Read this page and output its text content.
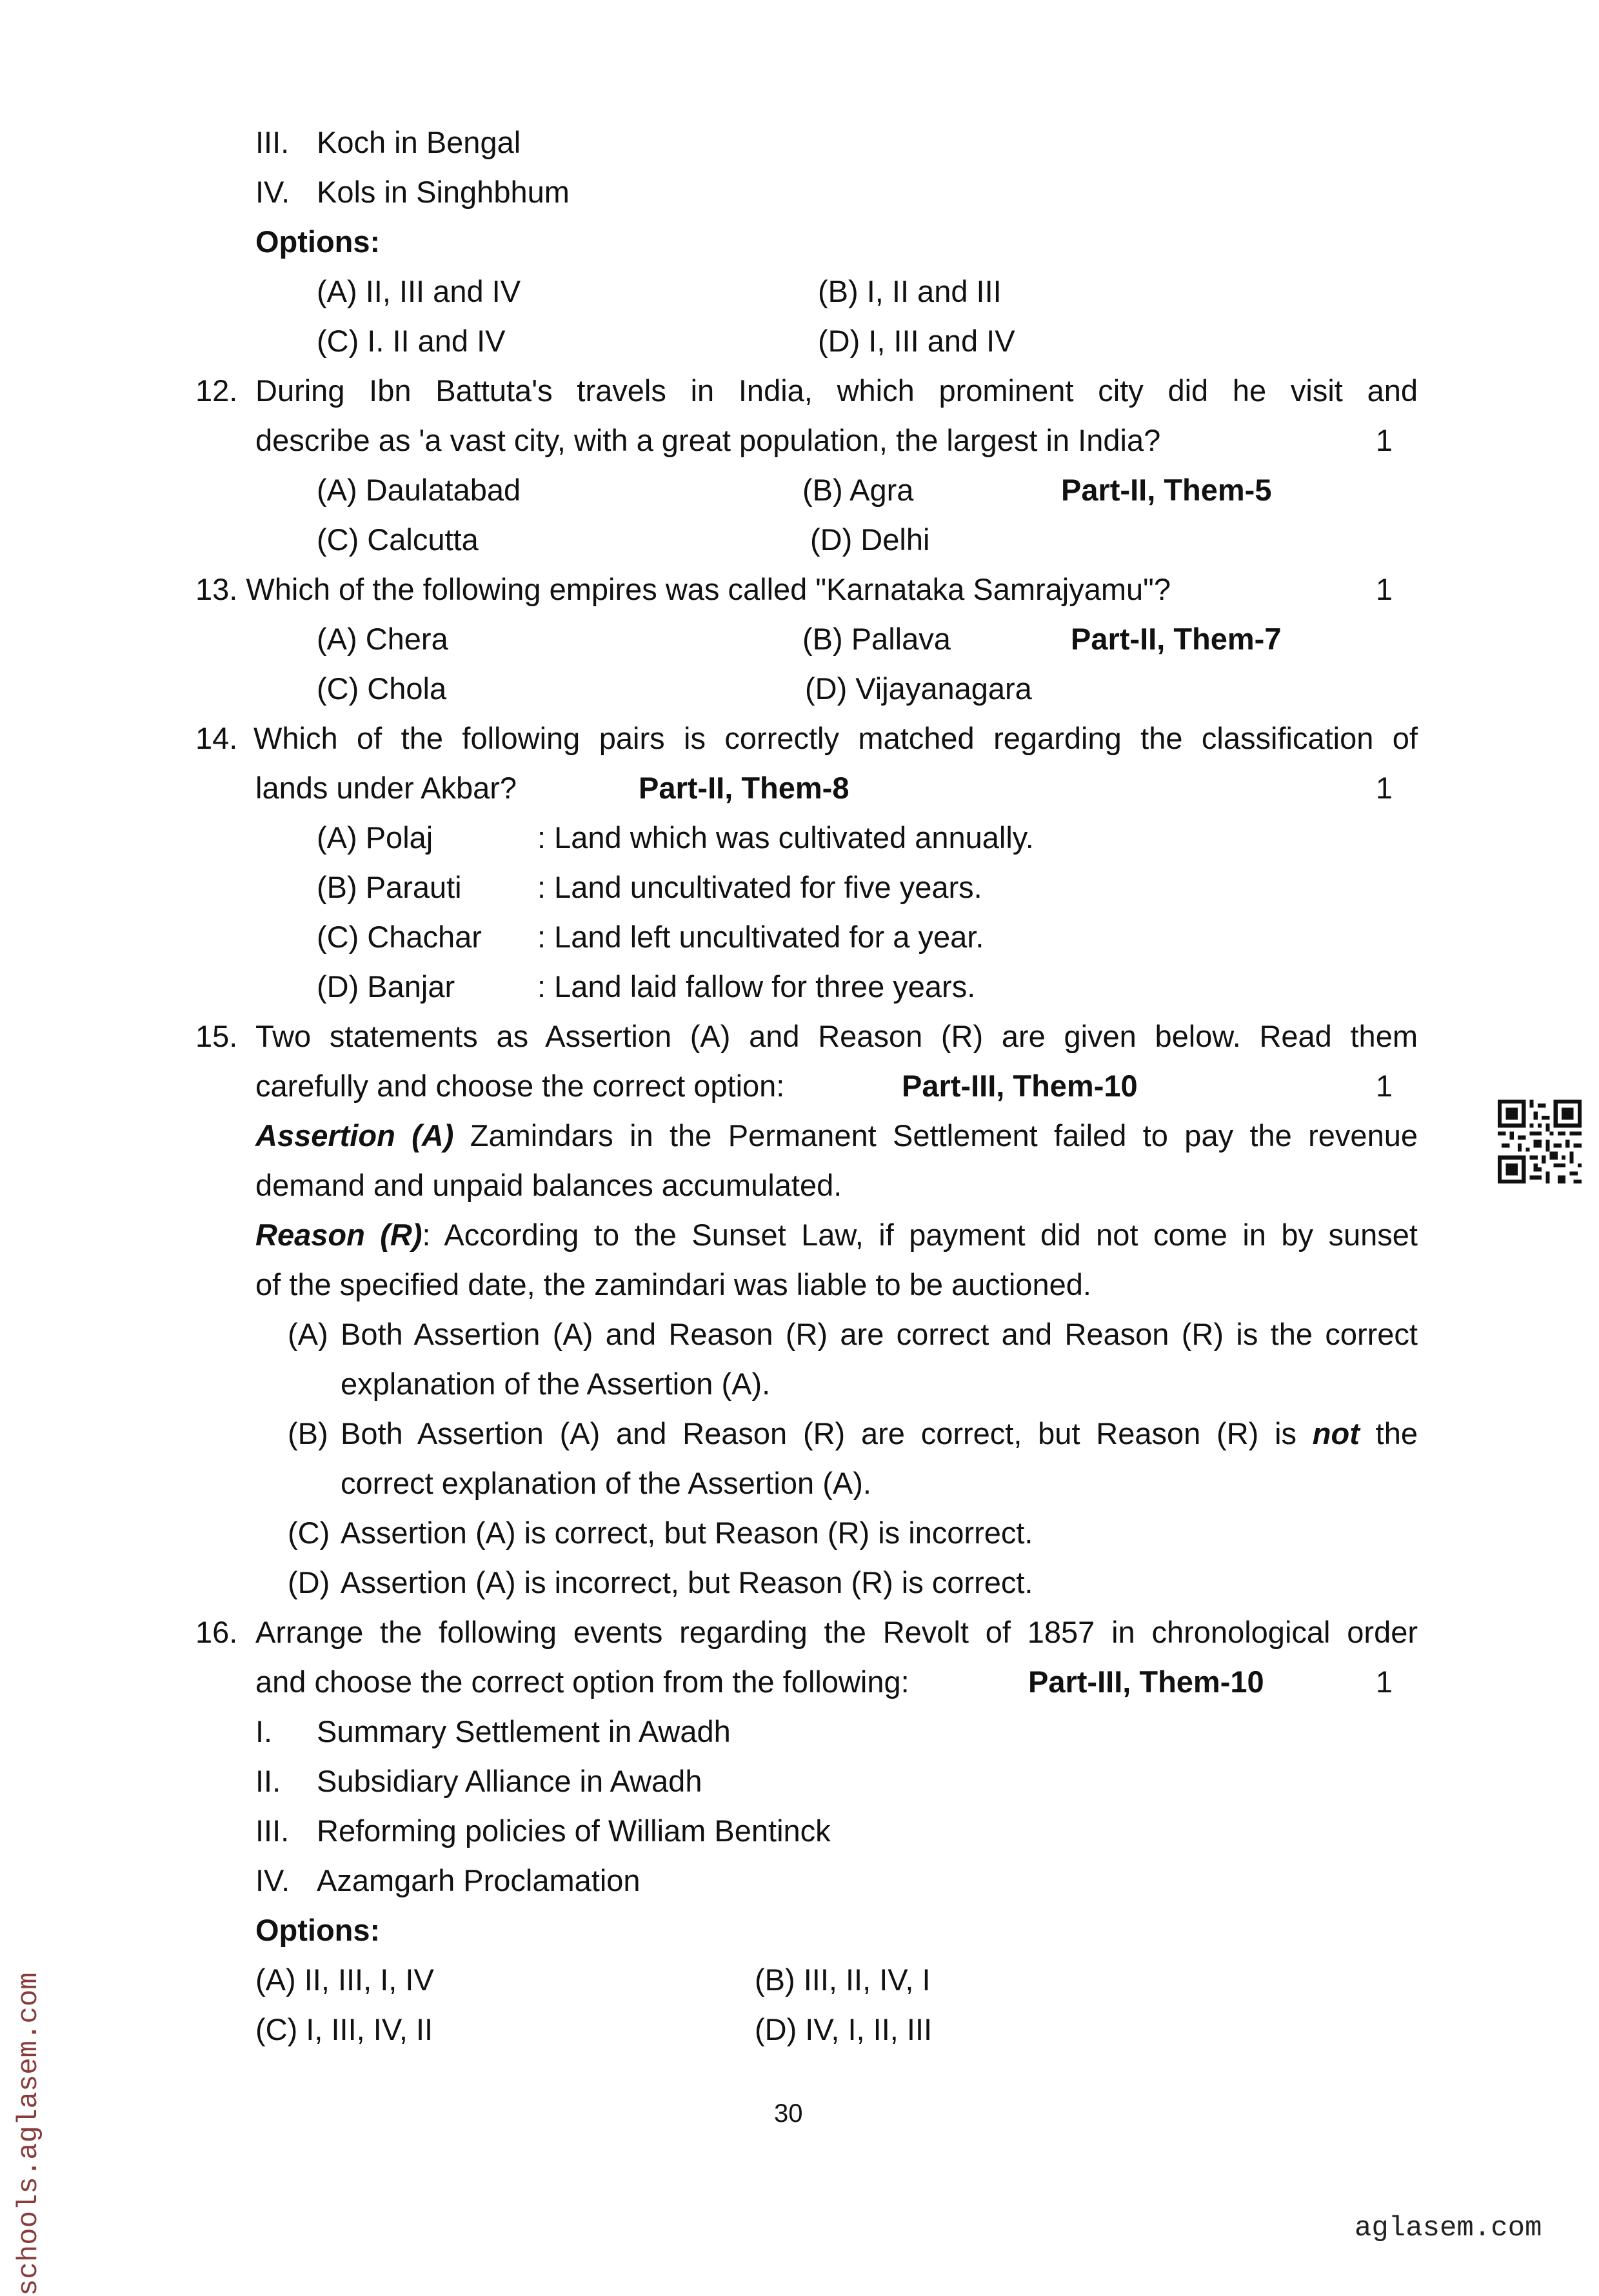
III. Koch in Bengal
IV. Kols in Singhbhum
Options:
(A) II, III and IV	(B) I, II and III
(C) I. II and IV	(D) I, III and IV
12. During Ibn Battuta's travels in India, which prominent city did he visit and
describe as 'a vast city, with a great population, the largest in India?	1
(A) Daulatabad	(B) Agra	Part-II, Them-5
(C) Calcutta	(D) Delhi
13. Which of the following empires was called "Karnataka Samrajyamu"?	1
(A) Chera	(B) Pallava	Part-II, Them-7
(C) Chola	(D) Vijayanagara
14. Which of the following pairs is correctly matched regarding the classification of
lands under Akbar?	Part-II, Them-8	1
(A) Polaj	: Land which was cultivated annually.
(B) Parauti : Land uncultivated for five years.
(C) Chachar : Land left uncultivated for a year.
(D) Banjar	: Land laid fallow for three years.
15. Two statements as Assertion (A) and Reason (R) are given below. Read them
carefully and choose the correct option:	Part-III, Them-10	1
Assertion (A) Zamindars in the Permanent Settlement failed to pay the revenue
demand and unpaid balances accumulated.
Reason (R): According to the Sunset Law, if payment did not come in by sunset
of the specified date, the zamindari was liable to be auctioned.
(A) Both Assertion (A) and Reason (R) are correct and Reason (R) is the correct
explanation of the Assertion (A).
(B) Both Assertion (A) and Reason (R) are correct, but Reason (R) is not the
correct explanation of the Assertion (A).
(C) Assertion (A) is correct, but Reason (R) is incorrect.
(D) Assertion (A) is incorrect, but Reason (R) is correct.
16. Arrange the following events regarding the Revolt of 1857 in chronological order
and choose the correct option from the following:	Part-III, Them-10	1
I. Summary Settlement in Awadh
II. Subsidiary Alliance in Awadh
III. Reforming policies of William Bentinck
IV. Azamgarh Proclamation
Options:
(A) II, III, I, IV	(B) III, II, IV, I
(C) I, III, IV, II	(D) IV, I, II, III
30
schools.aglasem.com	aglasem.com
